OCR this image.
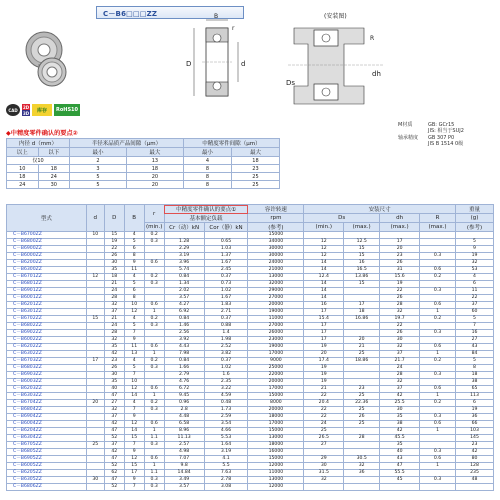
C－B6□□□ZZ
CAD
2D
3D	库存	RoHS10
B
D	d
r
(安装图)
Ds
dh
R
M材质	GB: GCr15
JIS: 相当于SUJ2
轴承精度	GB 307 P0
JIS B 1514 0级
◆中精度零件确认的要点②
内径 d（mm）		半径米品质产品间隙（μm）		中精度零件间隙（μm）	
以上	以下	最小	最大	最小	最大
仅10		2	13	4	18
10	18	3	18	8	23
18	24	5	20	8	25
24	30	5	20	8	25
型式	d	D	B	r	中精度零件确认的要点①		容许转速	安装尺寸				重量
					基本额定负载		rpm	Ds		dh	R	(g)
				(min.)	Cr（动）kN	Cor（静）kN	(参考)	(min.)	(max.)	(max.)	(max.)	(参考)
C－B6700ZZ	10	15	4	0.2			15000					
C－B6800ZZ		19	5	0.3	1.28	0.65	34000	12	12.5	17		5
C－B6900ZZ		22	6		2.29	1.03	30000	12	15	20		9
C－B6000ZZ		26	8		3.19	1.37	30000	12	15	23	0.3	19
C－B6200ZZ		30	9	0.6	3.96	1.67	24000	14	16	26		32
C－B6300ZZ		35	11		5.74	2.45	21000	14	16.5	31	0.6	53
C－B6701ZZ	12	18	4	0.2	0.84	0.37	13000	12.4	13.86	15.6	0.2	4
C－B6801ZZ		21	5	0.3	1.34	0.73	32000	14	15	19		6
C－B6901ZZ		24	6		2.02	1.02	29000	14		22	0.3	11
C－B6001ZZ		28	8		3.57	1.67	27000	14		26		22
C－B6201ZZ		32	10	0.6	4.27	1.83	20000	16	17	28	0.6	37
C－B6301ZZ		37	12	1	6.92	2.71	19000	17	18	32	1	60
C－B6702ZZ	15	21	4	0.2	0.84	0.37	11000	15.4	16.86	19.7	0.2	5
C－B6802ZZ		24	5	0.3	1.46	0.88	27000	17		22		7
C－B6902ZZ		28	7		2.56	1.4	26000	17		26	0.3	16
C－B6002ZZ		32	9		3.92	1.98	23000	17	20	30		27
C－B6202ZZ		35	11	0.6	4.43	2.52	19000	19	21	32	0.6	43
C－B6302ZZ		42	13	1	7.98	3.82	17000	20	25	37	1	84
C－B6703ZZ	17	23	4	0.2	0.84	0.37	9000	17.4	18.86	21.7	0.2	5
C－B6803ZZ		26	5	0.3	1.66	1.02	25000	19		24		8
C－B6903ZZ		30	7		2.79	1.6	22000	19		28	0.3	18
C－B6003ZZ		35	10		4.76	2.35	20000	19		32		38
C－B6203ZZ		40	12	0.6	6.72	3.22	17000	21	23	37	0.6	65
C－B6303ZZ		47	14	1	9.45	4.59	15000	22	25	42	1	113
C－B6704ZZ	20	27	4	0.2	0.96	0.48	8000	20.4	22.36	25.5	0.2	6
C－B6804ZZ		32	7	0.3	2.8	1.73	20000	22	25	30		19
C－B6904ZZ		37	9		4.48	2.59	18000	22	26	35	0.3	36
C－B6004ZZ		42	12	0.6	6.58	3.54	17000	24	25	38	0.6	66
C－B6204ZZ		47	14	1	8.96	4.66	15000	25		42	1	103
C－B6304ZZ		52	15	1.1	11.13	5.53	13000	26.5	28	45.5		145
C－B6705ZZ	25	37	7	0.3	2.57	1.64	18000	27		35		23
C－B6805ZZ		42	9		4.98	3.19	16000			40	0.3	42
C－B6905ZZ		47	12	0.6	7.07	4.1	15000	29	30.5	43	0.6	80
C－B6005ZZ		52	15	1	9.8	5.5	12000	30	32	47	1	128
C－B6205ZZ		62	17	1.1	14.84	7.63	11000	31.5	36	55.5		235
C－B6305ZZ	30	47	9	0.3	3.49	2.78	13000	32		45	0.3	48
C－B6806ZZ		52	7	0.3	3.57	3.08	12000					
